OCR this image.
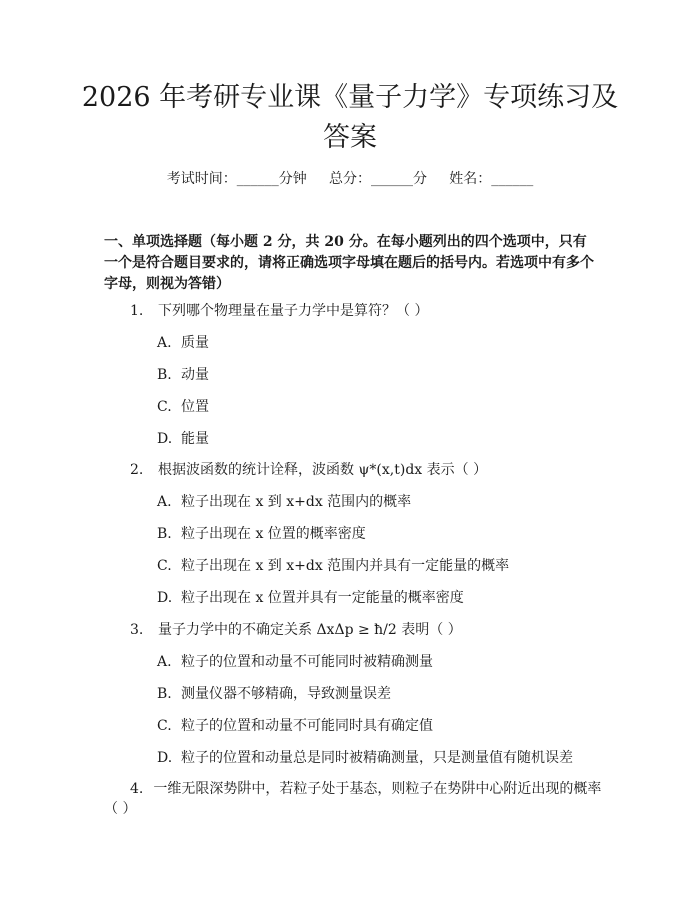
2026 年考研专业课《量子力学》专项练习及
答案
考试时间：______分钟     总分：______分     姓名：______
一、单项选择题（每小题 2 分，共 20 分。在每小题列出的四个选项中，只有一个是符合题目要求的，请将正确选项字母填在题后的括号内。若选项中有多个字母，则视为答错）
1. 下列哪个物理量在量子力学中是算符？（ ）
A. 质量
B. 动量
C. 位置
D. 能量
2. 根据波函数的统计诠释，波函数 ψ*(x,t)dx 表示（ ）
A. 粒子出现在 x 到 x+dx 范围内的概率
B. 粒子出现在 x 位置的概率密度
C. 粒子出现在 x 到 x+dx 范围内并具有一定能量的概率
D. 粒子出现在 x 位置并具有一定能量的概率密度
3. 量子力学中的不确定关系 ΔxΔp ≥ ħ/2 表明（ ）
A. 粒子的位置和动量不可能同时被精确测量
B. 测量仪器不够精确，导致测量误差
C. 粒子的位置和动量不可能同时具有确定值
D. 粒子的位置和动量总是同时被精确测量，只是测量值有随机误差
4. 一维无限深势阱中，若粒子处于基态，则粒子在势阱中心附近出现的概率（ ）
